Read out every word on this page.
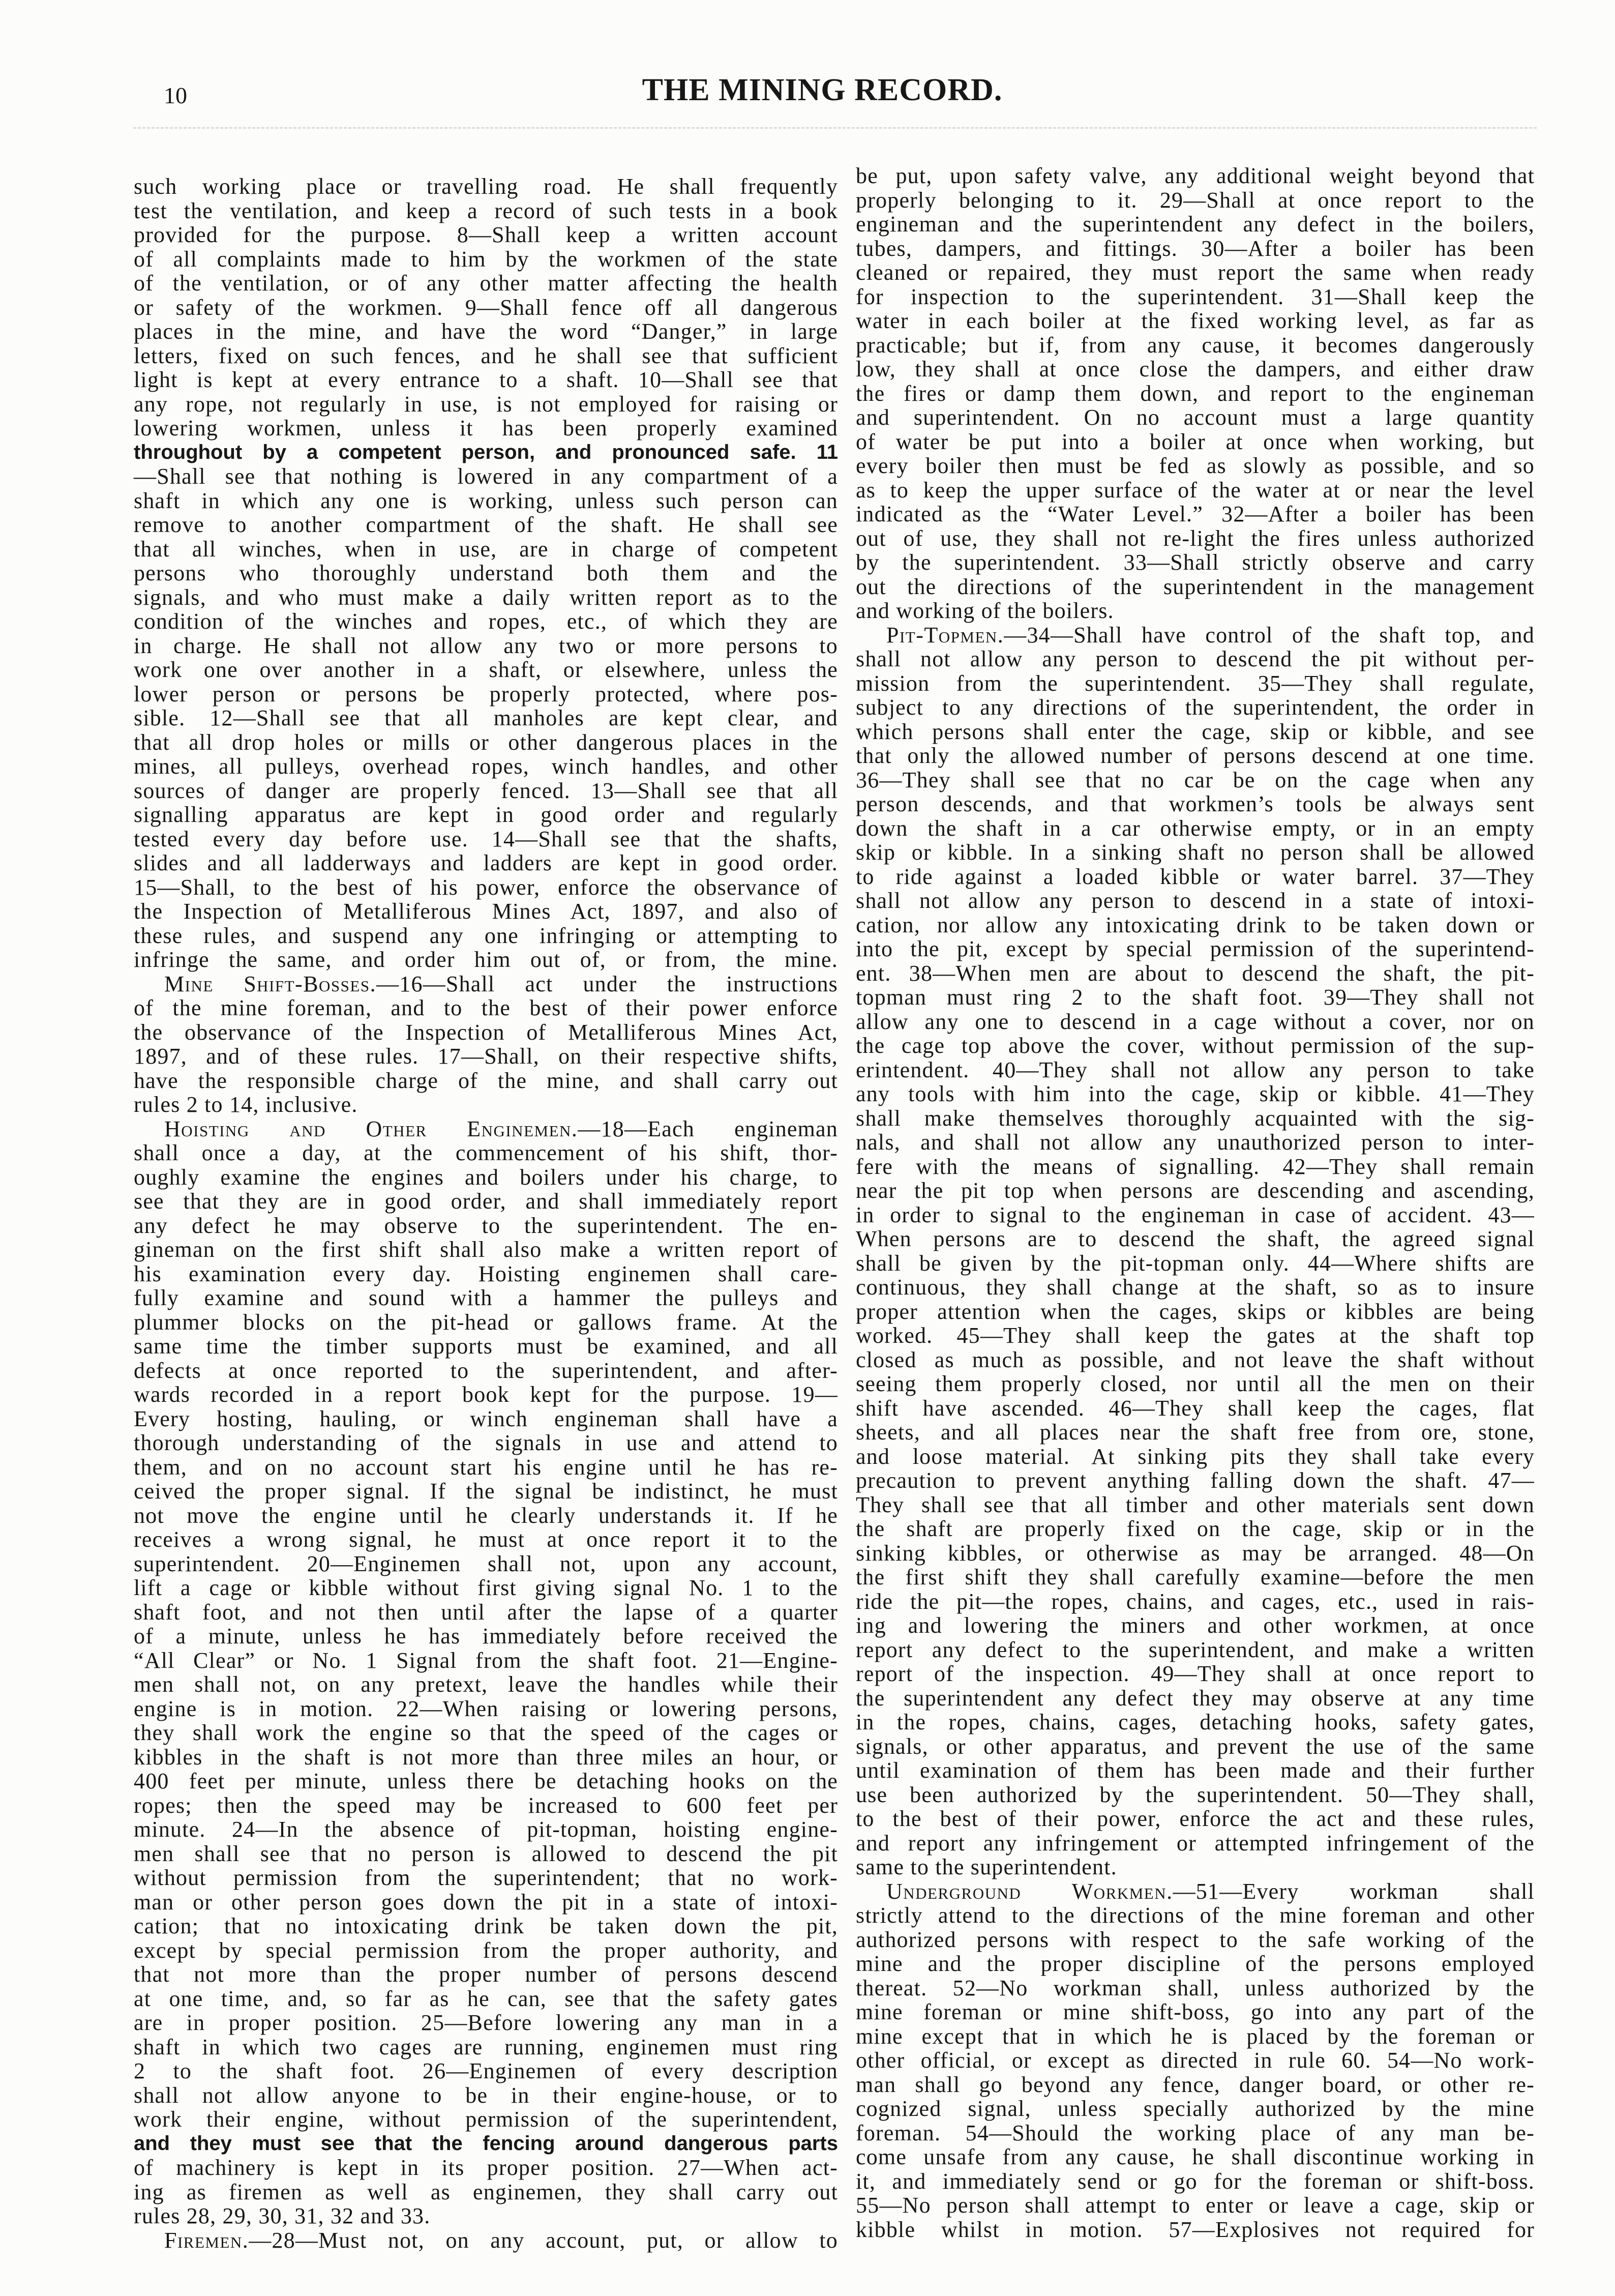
10	THE MINING RECORD.
such working place or travelling road. He shall frequently
test the ventilation, and keep a record of such tests in a book
provided for the purpose. 8—Shall keep a written account
of all complaints made to him by the workmen of the state
of the ventilation, or of any other matter affecting the health
or safety of the workmen. 9—Shall fence off all dangerous
places in the mine, and have the word “Danger,” in large
letters, fixed on such fences, and he shall see that sufficient
light is kept at every entrance to a shaft. 10—Shall see that
any rope, not regularly in use, is not employed for raising or
lowering workmen, unless it has been properly examined
throughout by a competent person, and pronounced safe. 11
—Shall see that nothing is lowered in any compartment of a
shaft in which any one is working, unless such person can
remove to another compartment of the shaft. He shall see
that all winches, when in use, are in charge of competent
persons who thoroughly understand both them and the
signals, and who must make a daily written report as to the
condition of the winches and ropes, etc., of which they are
in charge. He shall not allow any two or more persons to
work one over another in a shaft, or elsewhere, unless the
lower person or persons be properly protected, where pos-
sible. 12—Shall see that all manholes are kept clear, and
that all drop holes or mills or other dangerous places in the
mines, all pulleys, overhead ropes, winch handles, and other
sources of danger are properly fenced. 13—Shall see that all
signalling apparatus are kept in good order and regularly
tested every day before use. 14—Shall see that the shafts,
slides and all ladderways and ladders are kept in good order.
15—Shall, to the best of his power, enforce the observance of
the Inspection of Metalliferous Mines Act, 1897, and also of
these rules, and suspend any one infringing or attempting to
infringe the same, and order him out of, or from, the mine.
Mine Shift-Bosses.—16—Shall act under the instructions
of the mine foreman, and to the best of their power enforce
the observance of the Inspection of Metalliferous Mines Act,
1897, and of these rules. 17—Shall, on their respective shifts,
have the responsible charge of the mine, and shall carry out
rules 2 to 14, inclusive.
Hoisting and Other Enginemen.—18—Each engineman
shall once a day, at the commencement of his shift, thor-
oughly examine the engines and boilers under his charge, to
see that they are in good order, and shall immediately report
any defect he may observe to the superintendent. The en-
gineman on the first shift shall also make a written report of
his examination every day. Hoisting enginemen shall care-
fully examine and sound with a hammer the pulleys and
plummer blocks on the pit-head or gallows frame. At the
same time the timber supports must be examined, and all
defects at once reported to the superintendent, and after-
wards recorded in a report book kept for the purpose. 19—
Every hosting, hauling, or winch engineman shall have a
thorough understanding of the signals in use and attend to
them, and on no account start his engine until he has re-
ceived the proper signal. If the signal be indistinct, he must
not move the engine until he clearly understands it. If he
receives a wrong signal, he must at once report it to the
superintendent. 20—Enginemen shall not, upon any account,
lift a cage or kibble without first giving signal No. 1 to the
shaft foot, and not then until after the lapse of a quarter
of a minute, unless he has immediately before received the
“All Clear” or No. 1 Signal from the shaft foot. 21—Engine-
men shall not, on any pretext, leave the handles while their
engine is in motion. 22—When raising or lowering persons,
they shall work the engine so that the speed of the cages or
kibbles in the shaft is not more than three miles an hour, or
400 feet per minute, unless there be detaching hooks on the
ropes; then the speed may be increased to 600 feet per
minute. 24—In the absence of pit-topman, hoisting engine-
men shall see that no person is allowed to descend the pit
without permission from the superintendent; that no work-
man or other person goes down the pit in a state of intoxi-
cation; that no intoxicating drink be taken down the pit,
except by special permission from the proper authority, and
that not more than the proper number of persons descend
at one time, and, so far as he can, see that the safety gates
are in proper position. 25—Before lowering any man in a
shaft in which two cages are running, enginemen must ring
2 to the shaft foot. 26—Enginemen of every description
shall not allow anyone to be in their engine-house, or to
work their engine, without permission of the superintendent,
and they must see that the fencing around dangerous parts
of machinery is kept in its proper position. 27—When act-
ing as firemen as well as enginemen, they shall carry out
rules 28, 29, 30, 31, 32 and 33.
Firemen.—28—Must not, on any account, put, or allow to
be put, upon safety valve, any additional weight beyond that
properly belonging to it. 29—Shall at once report to the
engineman and the superintendent any defect in the boilers,
tubes, dampers, and fittings. 30—After a boiler has been
cleaned or repaired, they must report the same when ready
for inspection to the superintendent. 31—Shall keep the
water in each boiler at the fixed working level, as far as
practicable; but if, from any cause, it becomes dangerously
low, they shall at once close the dampers, and either draw
the fires or damp them down, and report to the engineman
and superintendent. On no account must a large quantity
of water be put into a boiler at once when working, but
every boiler then must be fed as slowly as possible, and so
as to keep the upper surface of the water at or near the level
indicated as the “Water Level.” 32—After a boiler has been
out of use, they shall not re-light the fires unless authorized
by the superintendent. 33—Shall strictly observe and carry
out the directions of the superintendent in the management
and working of the boilers.
Pit-Topmen.—34—Shall have control of the shaft top, and
shall not allow any person to descend the pit without per-
mission from the superintendent. 35—They shall regulate,
subject to any directions of the superintendent, the order in
which persons shall enter the cage, skip or kibble, and see
that only the allowed number of persons descend at one time.
36—They shall see that no car be on the cage when any
person descends, and that workmen’s tools be always sent
down the shaft in a car otherwise empty, or in an empty
skip or kibble. In a sinking shaft no person shall be allowed
to ride against a loaded kibble or water barrel. 37—They
shall not allow any person to descend in a state of intoxi-
cation, nor allow any intoxicating drink to be taken down or
into the pit, except by special permission of the superintend-
ent. 38—When men are about to descend the shaft, the pit-
topman must ring 2 to the shaft foot. 39—They shall not
allow any one to descend in a cage without a cover, nor on
the cage top above the cover, without permission of the sup-
erintendent. 40—They shall not allow any person to take
any tools with him into the cage, skip or kibble. 41—They
shall make themselves thoroughly acquainted with the sig-
nals, and shall not allow any unauthorized person to inter-
fere with the means of signalling. 42—They shall remain
near the pit top when persons are descending and ascending,
in order to signal to the engineman in case of accident. 43—
When persons are to descend the shaft, the agreed signal
shall be given by the pit-topman only. 44—Where shifts are
continuous, they shall change at the shaft, so as to insure
proper attention when the cages, skips or kibbles are being
worked. 45—They shall keep the gates at the shaft top
closed as much as possible, and not leave the shaft without
seeing them properly closed, nor until all the men on their
shift have ascended. 46—They shall keep the cages, flat
sheets, and all places near the shaft free from ore, stone,
and loose material. At sinking pits they shall take every
precaution to prevent anything falling down the shaft. 47—
They shall see that all timber and other materials sent down
the shaft are properly fixed on the cage, skip or in the
sinking kibbles, or otherwise as may be arranged. 48—On
the first shift they shall carefully examine—before the men
ride the pit—the ropes, chains, and cages, etc., used in rais-
ing and lowering the miners and other workmen, at once
report any defect to the superintendent, and make a written
report of the inspection. 49—They shall at once report to
the superintendent any defect they may observe at any time
in the ropes, chains, cages, detaching hooks, safety gates,
signals, or other apparatus, and prevent the use of the same
until examination of them has been made and their further
use been authorized by the superintendent. 50—They shall,
to the best of their power, enforce the act and these rules,
and report any infringement or attempted infringement of the
same to the superintendent.
Underground Workmen.—51—Every workman shall
strictly attend to the directions of the mine foreman and other
authorized persons with respect to the safe working of the
mine and the proper discipline of the persons employed
thereat. 52—No workman shall, unless authorized by the
mine foreman or mine shift-boss, go into any part of the
mine except that in which he is placed by the foreman or
other official, or except as directed in rule 60. 54—No work-
man shall go beyond any fence, danger board, or other re-
cognized signal, unless specially authorized by the mine
foreman. 54—Should the working place of any man be-
come unsafe from any cause, he shall discontinue working in
it, and immediately send or go for the foreman or shift-boss.
55—No person shall attempt to enter or leave a cage, skip or
kibble whilst in motion. 57—Explosives not required for
